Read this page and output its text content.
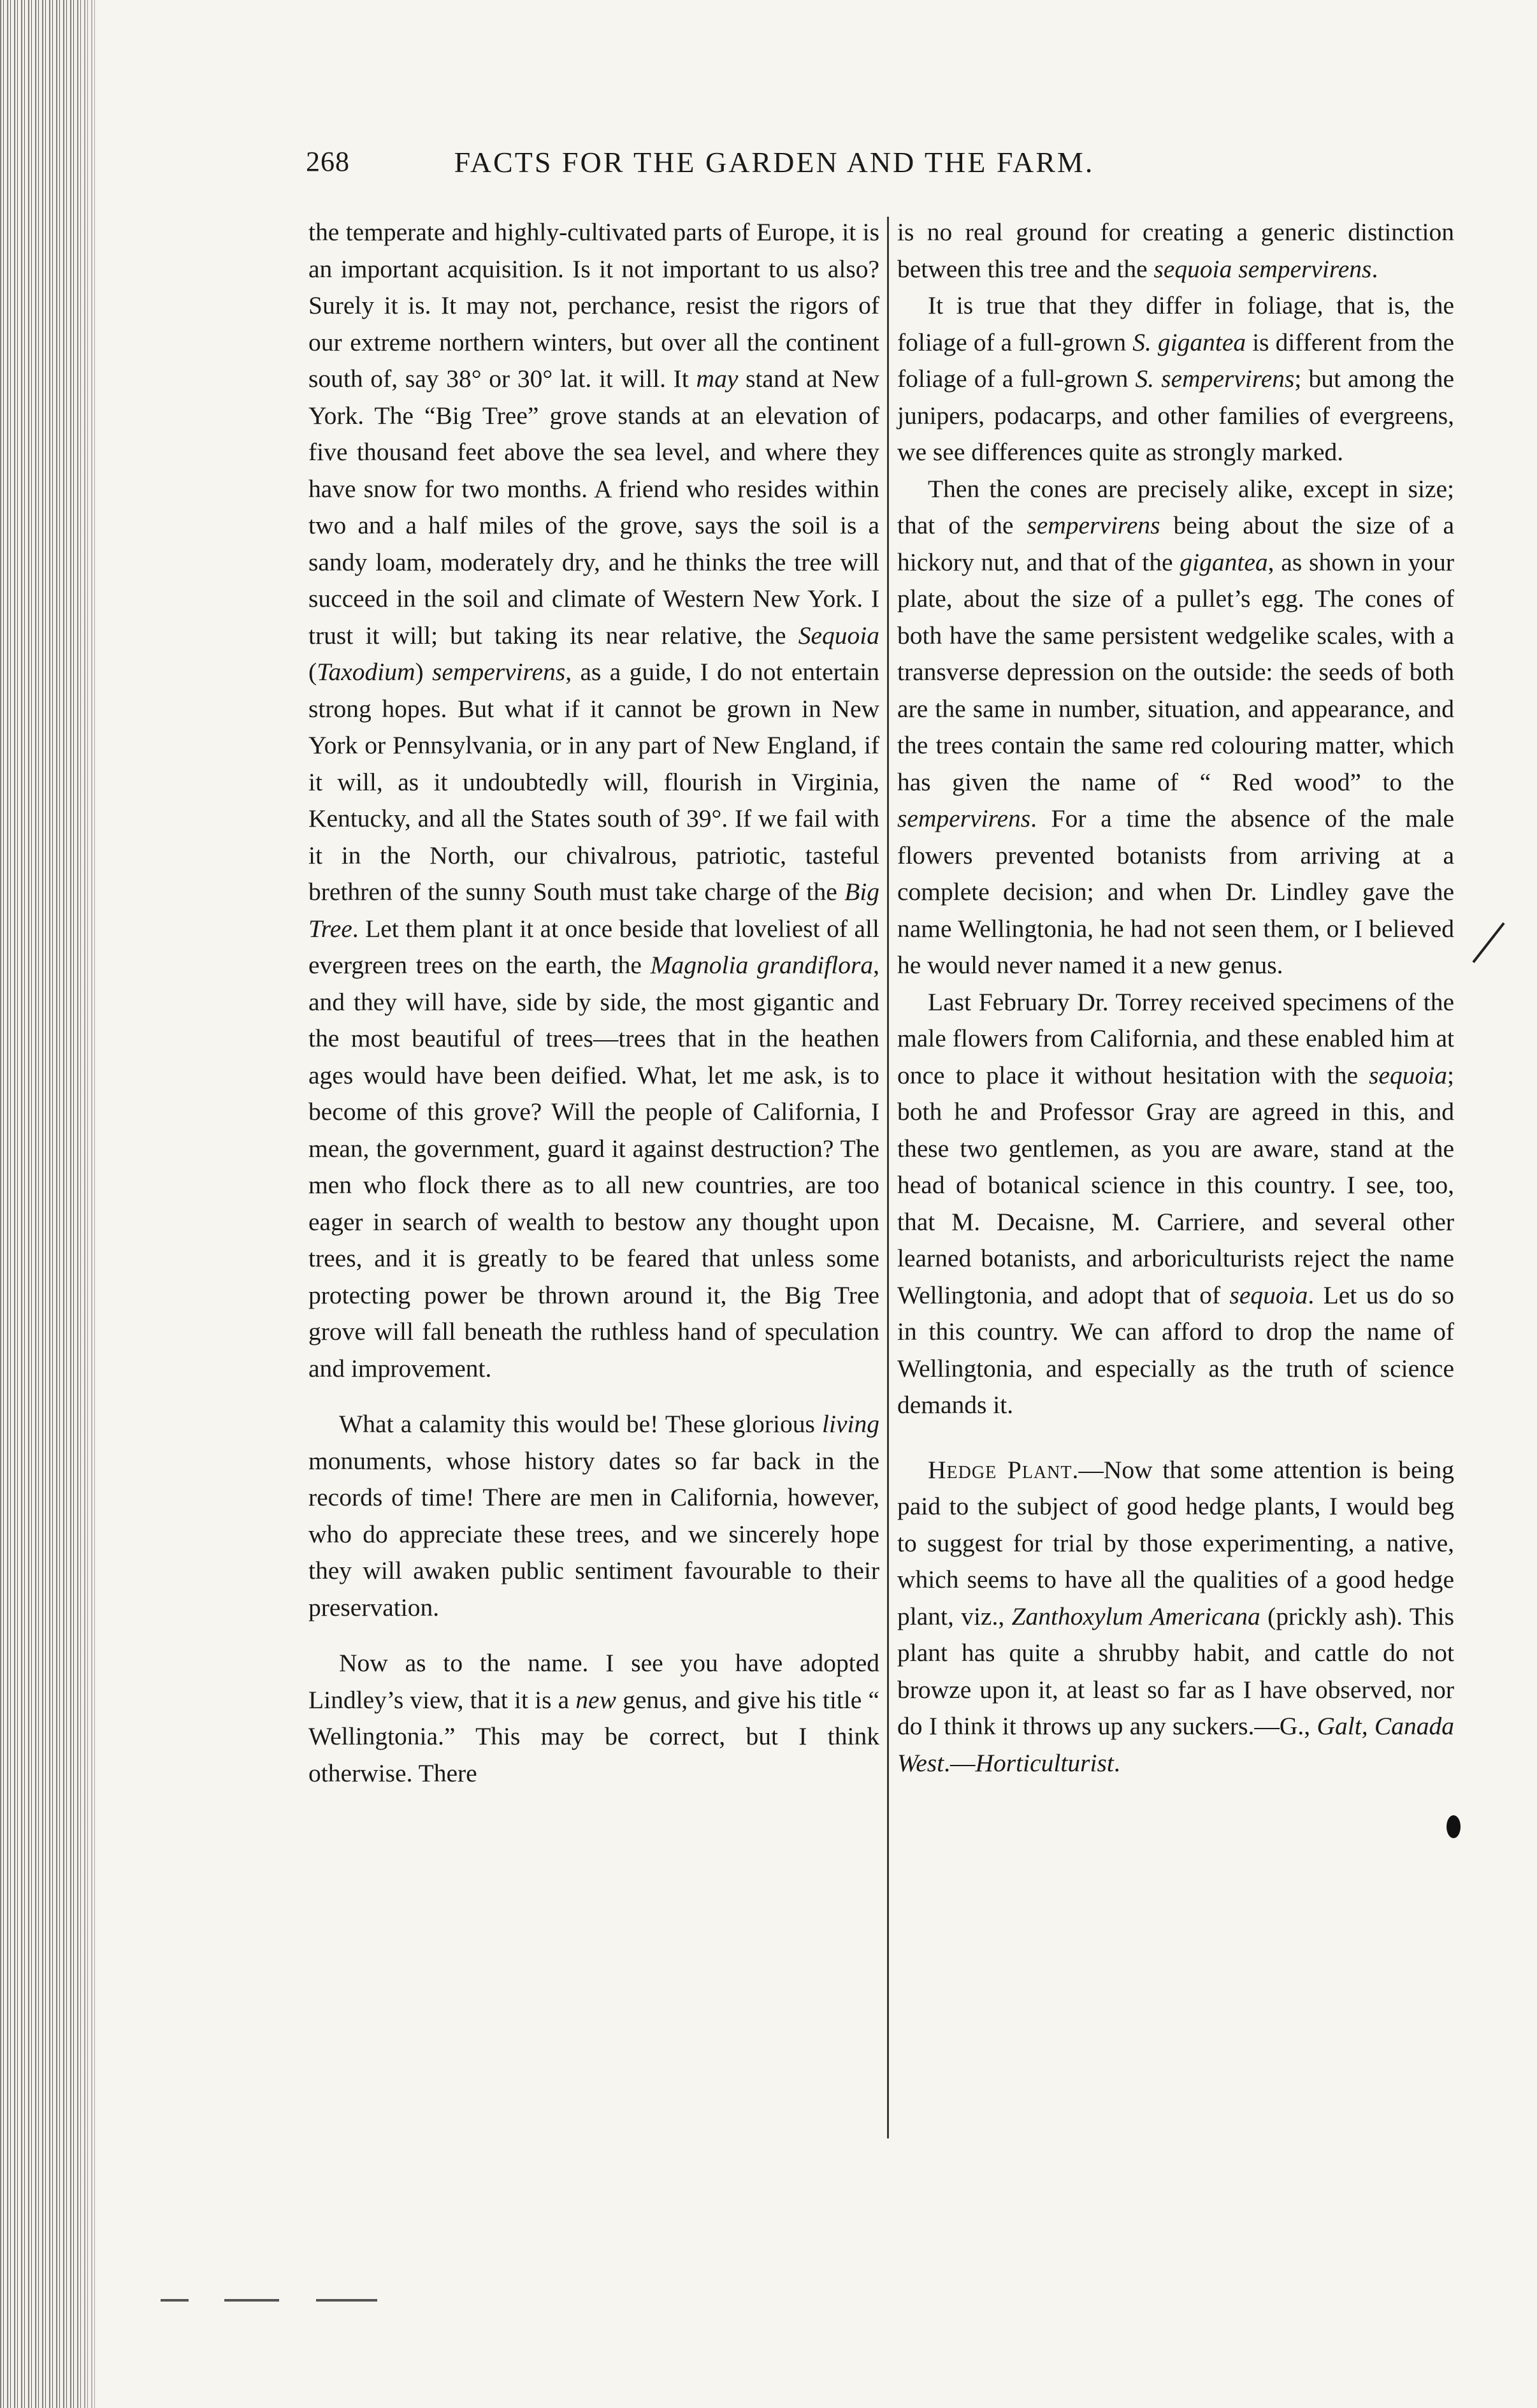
268	FACTS FOR THE GARDEN AND THE FARM.

the temperate and highly-cultivated parts of Europe, it is an important acquisition. Is it not important to us also? Surely it is. It may not, perchance, resist the rigors of our extreme northern winters, but over all the continent south of, say 38° or 30° lat. it will. It may stand at New York. The “Big Tree” grove stands at an elevation of five thousand feet above the sea level, and where they have snow for two months. A friend who resides within two and a half miles of the grove, says the soil is a sandy loam, moderately dry, and he thinks the tree will succeed in the soil and climate of Western New York. I trust it will; but taking its near relative, the Sequoia (Taxodium) sempervirens, as a guide, I do not entertain strong hopes. But what if it cannot be grown in New York or Pennsylvania, or in any part of New England, if it will, as it undoubtedly will, flourish in Virginia, Kentucky, and all the States south of 39°. If we fail with it in the North, our chivalrous, patriotic, tasteful brethren of the sunny South must take charge of the Big Tree. Let them plant it at once beside that loveliest of all evergreen trees on the earth, the Magnolia grandiflora, and they will have, side by side, the most gigantic and the most beautiful of trees—trees that in the heathen ages would have been deified. What, let me ask, is to become of this grove? Will the people of California, I mean, the government, guard it against destruction? The men who flock there as to all new countries, are too eager in search of wealth to bestow any thought upon trees, and it is greatly to be feared that unless some protecting power be thrown around it, the Big Tree grove will fall beneath the ruthless hand of speculation and improvement.

What a calamity this would be! These glorious living monuments, whose history dates so far back in the records of time! There are men in California, however, who do appreciate these trees, and we sincerely hope they will awaken public sentiment favourable to their preservation.

Now as to the name. I see you have adopted Lindley’s view, that it is a new genus, and give his title “ Wellingtonia.” This may be correct, but I think otherwise. There

is no real ground for creating a generic distinction between this tree and the sequoia sempervirens.

It is true that they differ in foliage, that is, the foliage of a full-grown S. gigantea is different from the foliage of a full-grown S. sempervirens; but among the junipers, podacarps, and other families of evergreens, we see differences quite as strongly marked.

Then the cones are precisely alike, except in size; that of the sempervirens being about the size of a hickory nut, and that of the gigantea, as shown in your plate, about the size of a pullet’s egg. The cones of both have the same persistent wedgelike scales, with a transverse depression on the outside: the seeds of both are the same in number, situation, and appearance, and the trees contain the same red colouring matter, which has given the name of “ Red wood” to the sempervirens. For a time the absence of the male flowers prevented botanists from arriving at a complete decision; and when Dr. Lindley gave the name Wellingtonia, he had not seen them, or I believed he would never named it a new genus.

Last February Dr. Torrey received specimens of the male flowers from California, and these enabled him at once to place it without hesitation with the sequoia; both he and Professor Gray are agreed in this, and these two gentlemen, as you are aware, stand at the head of botanical science in this country. I see, too, that M. Decaisne, M. Carriere, and several other learned botanists, and arboriculturists reject the name Wellingtonia, and adopt that of sequoia. Let us do so in this country. We can afford to drop the name of Wellingtonia, and especially as the truth of science demands it.

Hedge Plant.—Now that some attention is being paid to the subject of good hedge plants, I would beg to suggest for trial by those experimenting, a native, which seems to have all the qualities of a good hedge plant, viz., Zanthoxylum Americana (prickly ash). This plant has quite a shrubby habit, and cattle do not browze upon it, at least so far as I have observed, nor do I think it throws up any suckers.—G., Galt, Canada West.—Horticulturist.
